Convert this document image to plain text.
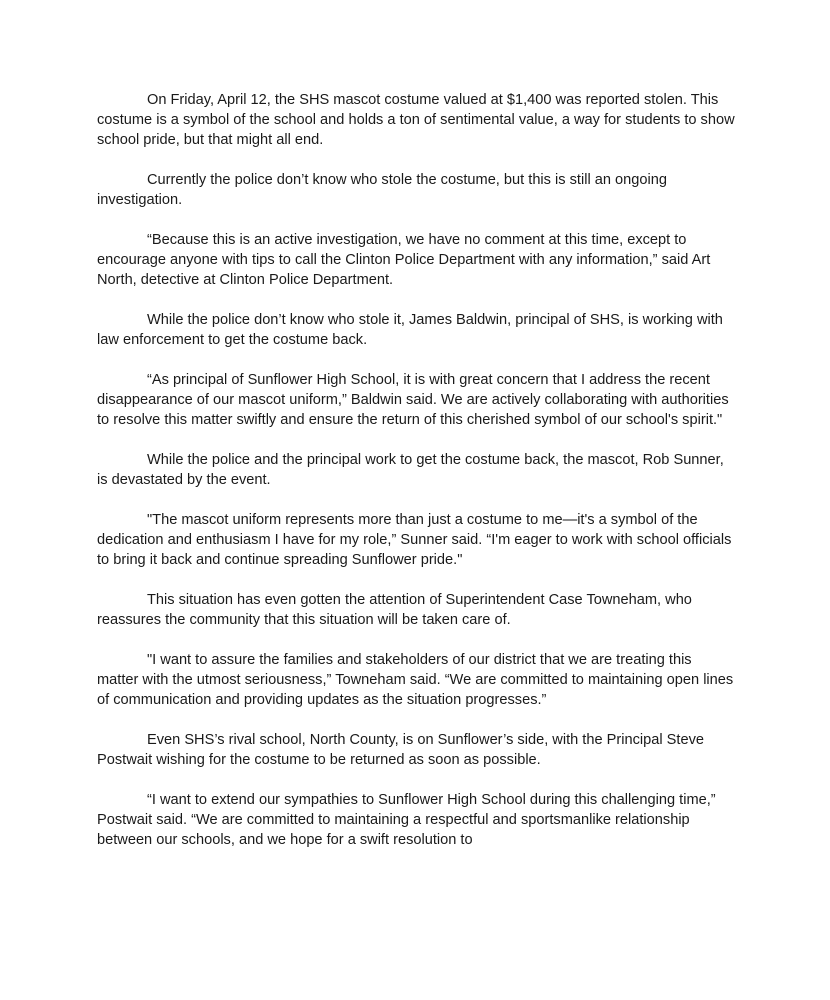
On Friday, April 12, the SHS mascot costume valued at $1,400 was reported stolen. This costume is a symbol of the school and holds a ton of sentimental value, a way for students to show school pride, but that might all end.

Currently the police don’t know who stole the costume, but this is still an ongoing investigation.

“Because this is an active investigation, we have no comment at this time, except to encourage anyone with tips to call the Clinton Police Department with any information,” said Art North, detective at Clinton Police Department.

While the police don’t know who stole it, James Baldwin, principal of SHS, is working with law enforcement to get the costume back.

“As principal of Sunflower High School, it is with great concern that I address the recent disappearance of our mascot uniform,” Baldwin said. We are actively collaborating with authorities to resolve this matter swiftly and ensure the return of this cherished symbol of our school's spirit."

While the police and the principal work to get the costume back, the mascot, Rob Sunner, is devastated by the event.

"The mascot uniform represents more than just a costume to me—it's a symbol of the dedication and enthusiasm I have for my role,” Sunner said. “I'm eager to work with school officials to bring it back and continue spreading Sunflower pride."

This situation has even gotten the attention of Superintendent Case Towneham, who reassures the community that this situation will be taken care of.

"I want to assure the families and stakeholders of our district that we are treating this matter with the utmost seriousness,” Towneham said. “We are committed to maintaining open lines of communication and providing updates as the situation progresses.”

Even SHS’s rival school, North County, is on Sunflower’s side, with the Principal Steve Postwait wishing for the costume to be returned as soon as possible.

“I want to extend our sympathies to Sunflower High School during this challenging time,” Postwait said. “We are committed to maintaining a respectful and sportsmanlike relationship between our schools, and we hope for a swift resolution to
